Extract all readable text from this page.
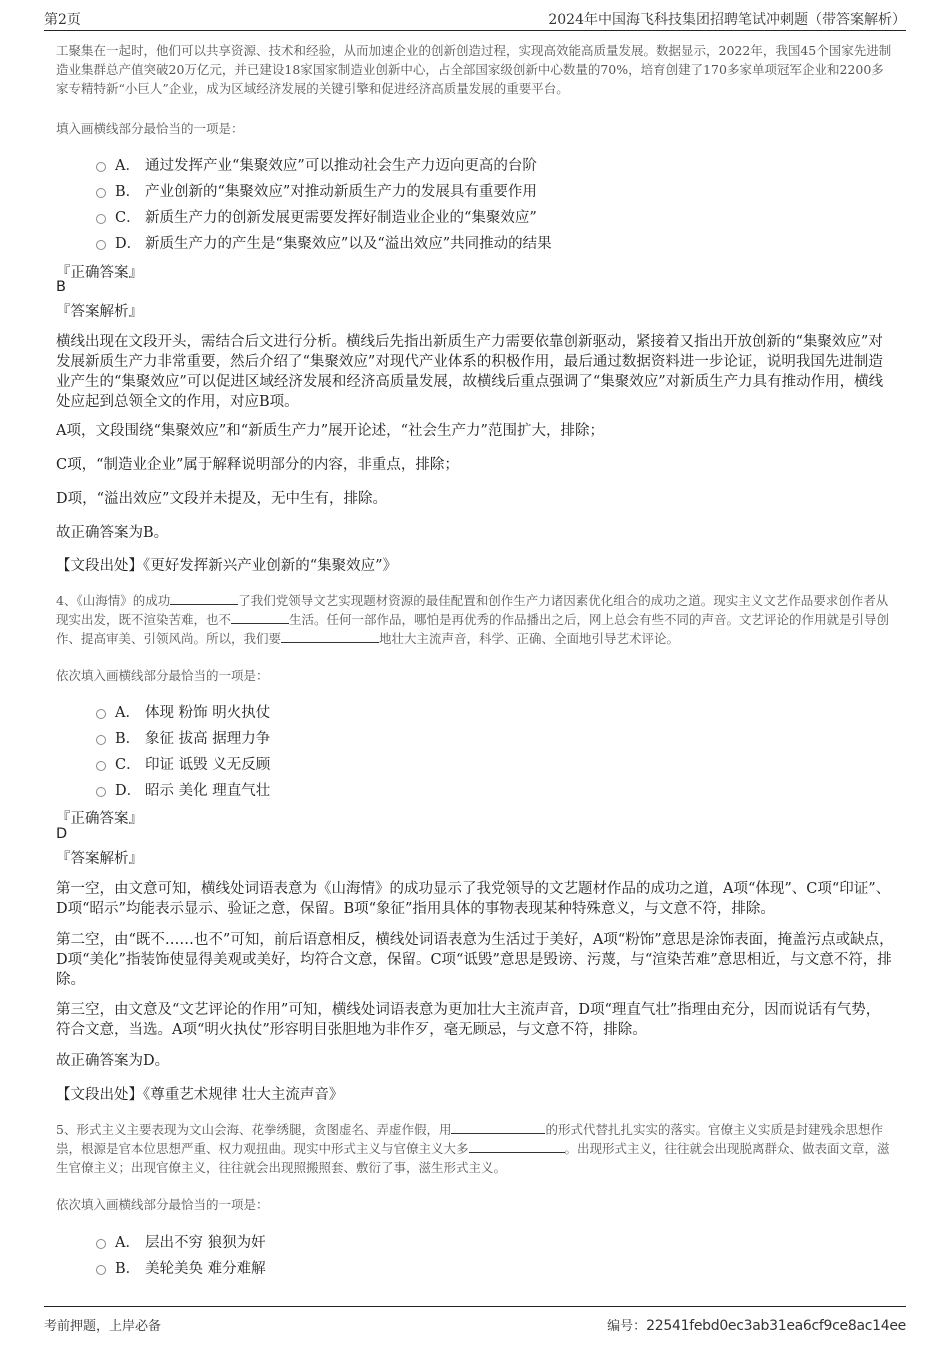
第2页	2024年中国海飞科技集团招聘笔试冲刺题（带答案解析）

工聚集在一起时，他们可以共享资源、技术和经验，从而加速企业的创新创造过程，实现高效能高质量发展。数据显示，2022年，我国45个国家先进制造业集群总产值突破20万亿元，并已建设18家国家制造业创新中心，占全部国家级创新中心数量的70%，培育创建了170多家单项冠军企业和2200多家专精特新“小巨人”企业，成为区域经济发展的关键引擎和促进经济高质量发展的重要平台。

填入画横线部分最恰当的一项是：

A． 通过发挥产业“集聚效应”可以推动社会生产力迈向更高的台阶
B． 产业创新的“集聚效应”对推动新质生产力的发展具有重要作用
C． 新质生产力的创新发展更需要发挥好制造业企业的“集聚效应”
D． 新质生产力的产生是“集聚效应”以及“溢出效应”共同推动的结果
『正确答案』
B
『答案解析』

横线出现在文段开头，需结合后文进行分析。横线后先指出新质生产力需要依靠创新驱动，紧接着又指出开放创新的“集聚效应”对发展新质生产力非常重要，然后介绍了“集聚效应”对现代产业体系的积极作用，最后通过数据资料进一步论证，说明我国先进制造业产生的“集聚效应”可以促进区域经济发展和经济高质量发展，故横线后重点强调了“集聚效应”对新质生产力具有推动作用，横线处应起到总领全文的作用，对应B项。

A项，文段围绕“集聚效应”和“新质生产力”展开论述，“社会生产力”范围扩大，排除；

C项，“制造业企业”属于解释说明部分的内容，非重点，排除；

D项，“溢出效应”文段并未提及，无中生有，排除。

故正确答案为B。

【文段出处】《更好发挥新兴产业创新的“集聚效应”》

4、《山海情》的成功	了我们党领导文艺实现题材资源的最佳配置和创作生产力诸因素优化组合的成功之道。现实主义文艺作品要求创作者从现实出发，既不渲染苦难，也不	生活。任何一部作品，哪怕是再优秀的作品播出之后，网上总会有些不同的声音。文艺评论的作用就是引导创作、提高审美、引领风尚。所以，我们要	地壮大主流声音，科学、正确、全面地引导艺术评论。

依次填入画横线部分最恰当的一项是：

A． 体现 粉饰 明火执仗
B． 象征 拔高 据理力争
C． 印证 诋毁 义无反顾
D． 昭示 美化 理直气壮
『正确答案』
D
『答案解析』

第一空，由文意可知，横线处词语表意为《山海情》的成功显示了我党领导的文艺题材作品的成功之道，A项“体现”、C项“印证”、D项“昭示”均能表示显示、验证之意，保留。B项“象征”指用具体的事物表现某种特殊意义，与文意不符，排除。

第二空，由“既不……也不”可知，前后语意相反，横线处词语表意为生活过于美好，A项“粉饰”意思是涂饰表面，掩盖污点或缺点，D项“美化”指装饰使显得美观或美好，均符合文意，保留。C项“诋毁”意思是毁谤、污蔑，与“渲染苦难”意思相近，与文意不符，排除。

第三空，由文意及“文艺评论的作用”可知，横线处词语表意为更加壮大主流声音，D项“理直气壮”指理由充分，因而说话有气势，符合文意，当选。A项“明火执仗”形容明目张胆地为非作歹，毫无顾忌，与文意不符，排除。

故正确答案为D。

【文段出处】《尊重艺术规律 壮大主流声音》

5、形式主义主要表现为文山会海、花拳绣腿，贪图虚名、弄虚作假，用	的形式代替扎扎实实的落实。官僚主义实质是封建残余思想作祟，根源是官本位思想严重、权力观扭曲。现实中形式主义与官僚主义大多	。出现形式主义，往往就会出现脱离群众、做表面文章，滋生官僚主义；出现官僚主义，往往就会出现照搬照套、敷衍了事，滋生形式主义。

依次填入画横线部分最恰当的一项是：

A． 层出不穷 狼狈为奸
B． 美轮美奂 难分难解
考前押题，上岸必备	编号：22541febd0ec3ab31ea6cf9ce8ac14ee
